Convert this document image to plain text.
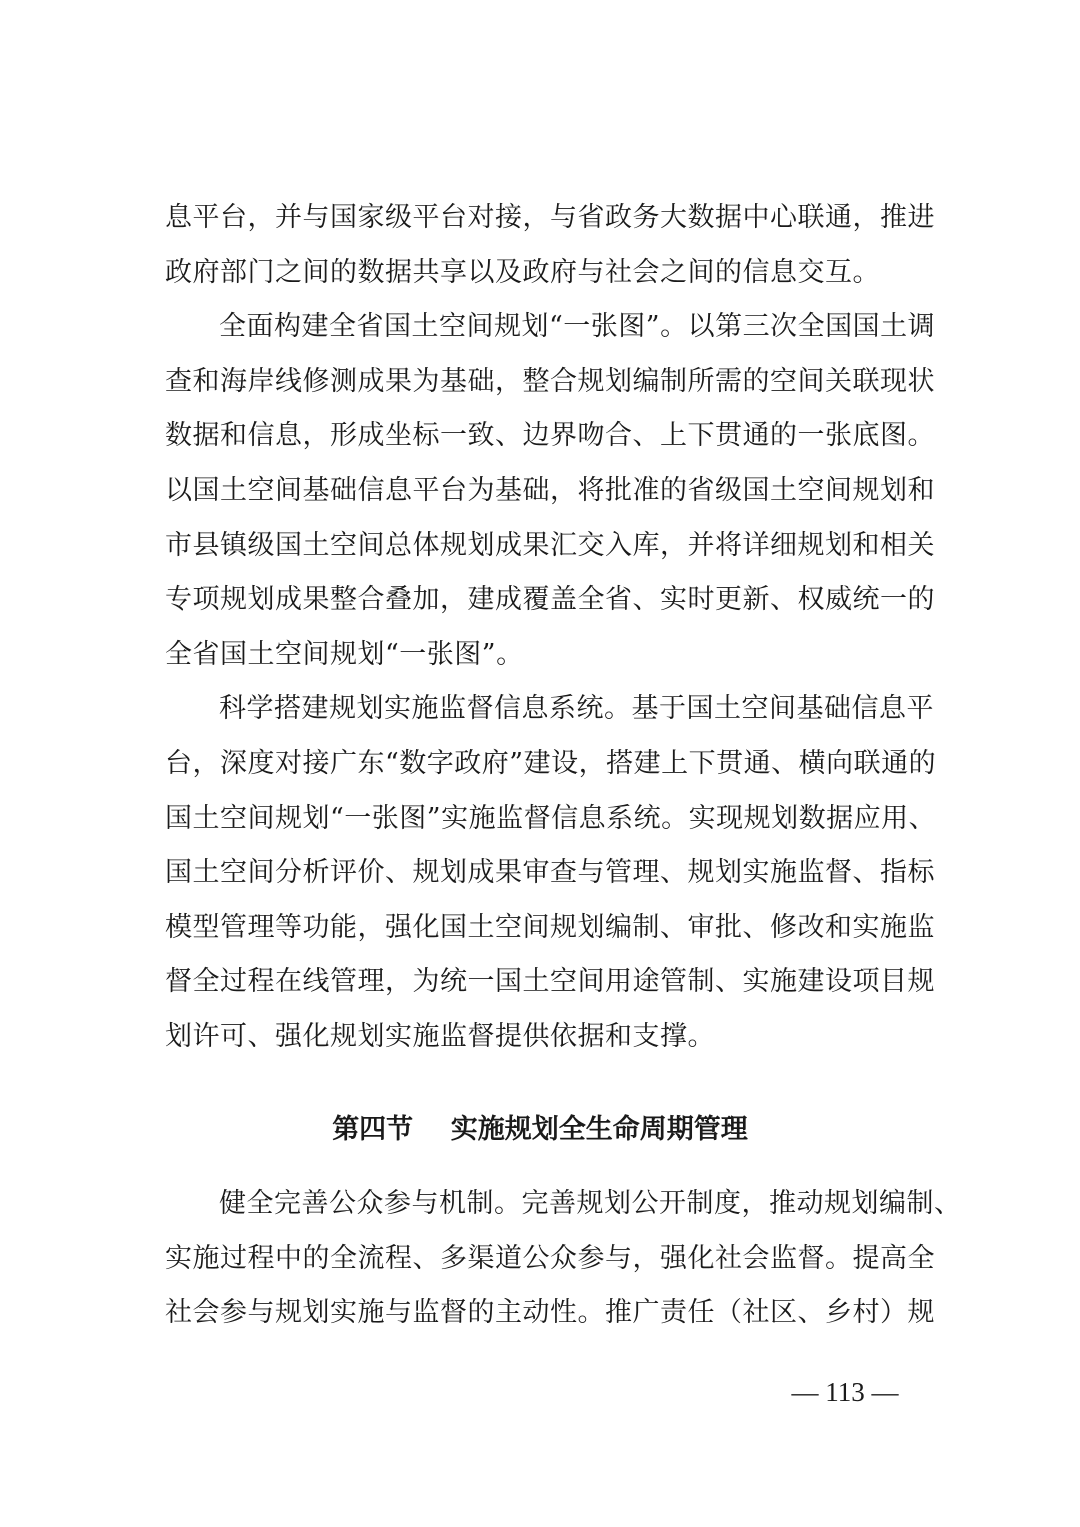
息平台，并与国家级平台对接，与省政务大数据中心联通，推进
政府部门之间的数据共享以及政府与社会之间的信息交互。
全面构建全省国土空间规划“一张图”。以第三次全国国土调
查和海岸线修测成果为基础，整合规划编制所需的空间关联现状
数据和信息，形成坐标一致、边界吻合、上下贯通的一张底图。
以国土空间基础信息平台为基础，将批准的省级国土空间规划和
市县镇级国土空间总体规划成果汇交入库，并将详细规划和相关
专项规划成果整合叠加，建成覆盖全省、实时更新、权威统一的
全省国土空间规划“一张图”。
科学搭建规划实施监督信息系统。基于国土空间基础信息平
台，深度对接广东“数字政府”建设，搭建上下贯通、横向联通的
国土空间规划“一张图”实施监督信息系统。实现规划数据应用、
国土空间分析评价、规划成果审查与管理、规划实施监督、指标
模型管理等功能，强化国土空间规划编制、审批、修改和实施监
督全过程在线管理，为统一国土空间用途管制、实施建设项目规
划许可、强化规划实施监督提供依据和支撑。
第四节    实施规划全生命周期管理
健全完善公众参与机制。完善规划公开制度，推动规划编制、
实施过程中的全流程、多渠道公众参与，强化社会监督。提高全
社会参与规划实施与监督的主动性。推广责任（社区、乡村）规
— 113 —
